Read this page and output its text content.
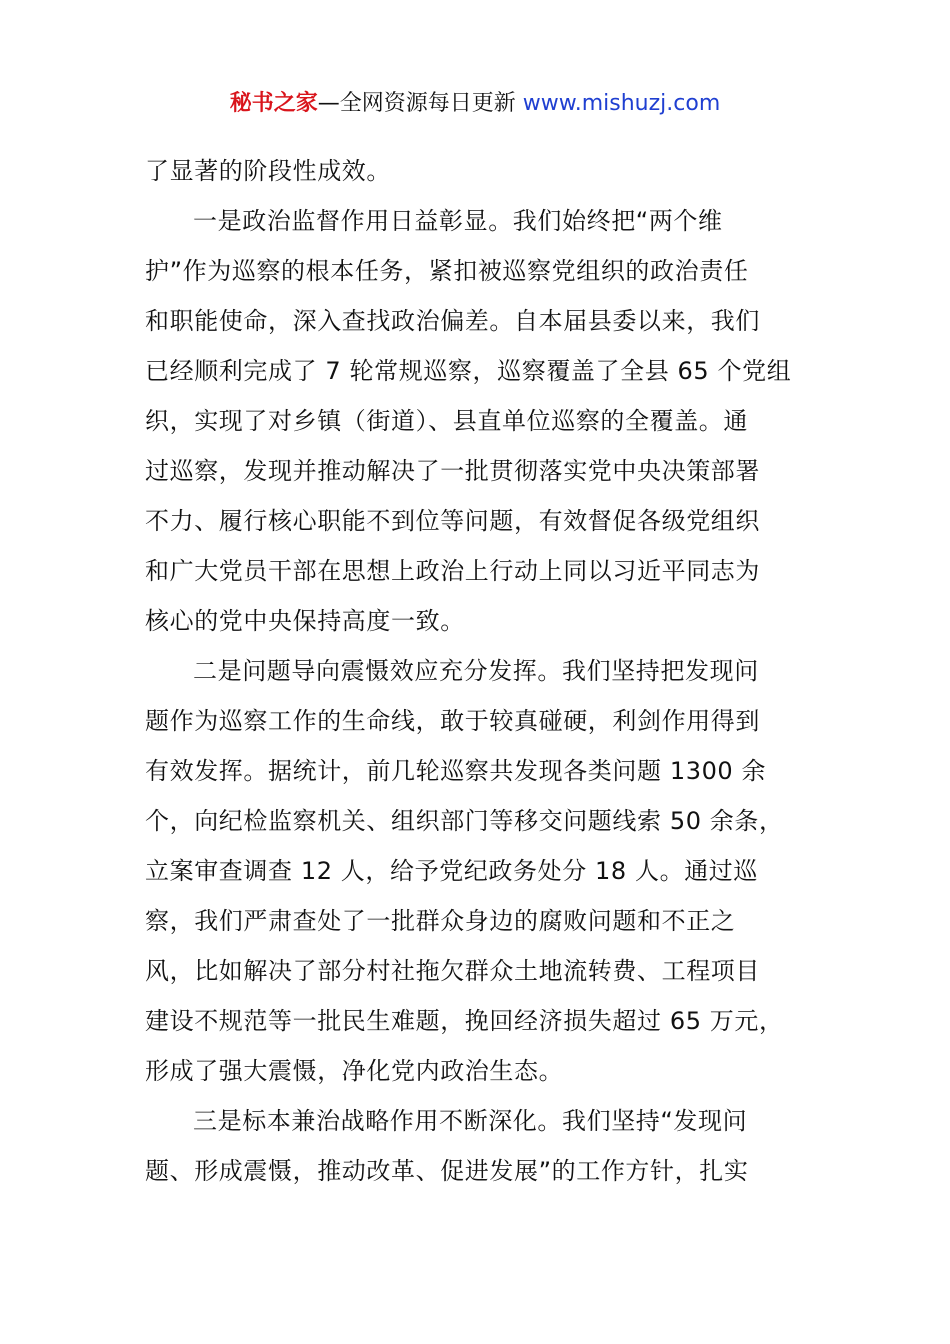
秘书之家—全网资源每日更新 www.mishuzj.com
了显著的阶段性成效。
一是政治监督作用日益彰显。我们始终把“两个维
护”作为巡察的根本任务，紧扣被巡察党组织的政治责任
和职能使命，深入查找政治偏差。自本届县委以来，我们
已经顺利完成了 7 轮常规巡察，巡察覆盖了全县 65 个党组
织，实现了对乡镇（街道）、县直单位巡察的全覆盖。通
过巡察，发现并推动解决了一批贯彻落实党中央决策部署
不力、履行核心职能不到位等问题，有效督促各级党组织
和广大党员干部在思想上政治上行动上同以习近平同志为
核心的党中央保持高度一致。
二是问题导向震慑效应充分发挥。我们坚持把发现问
题作为巡察工作的生命线，敢于较真碰硬，利剑作用得到
有效发挥。据统计，前几轮巡察共发现各类问题 1300 余
个，向纪检监察机关、组织部门等移交问题线索 50 余条，
立案审查调查 12 人，给予党纪政务处分 18 人。通过巡
察，我们严肃查处了一批群众身边的腐败问题和不正之
风，比如解决了部分村社拖欠群众土地流转费、工程项目
建设不规范等一批民生难题，挽回经济损失超过 65 万元，
形成了强大震慑，净化党内政治生态。
三是标本兼治战略作用不断深化。我们坚持“发现问
题、形成震慑，推动改革、促进发展”的工作方针，扎实
